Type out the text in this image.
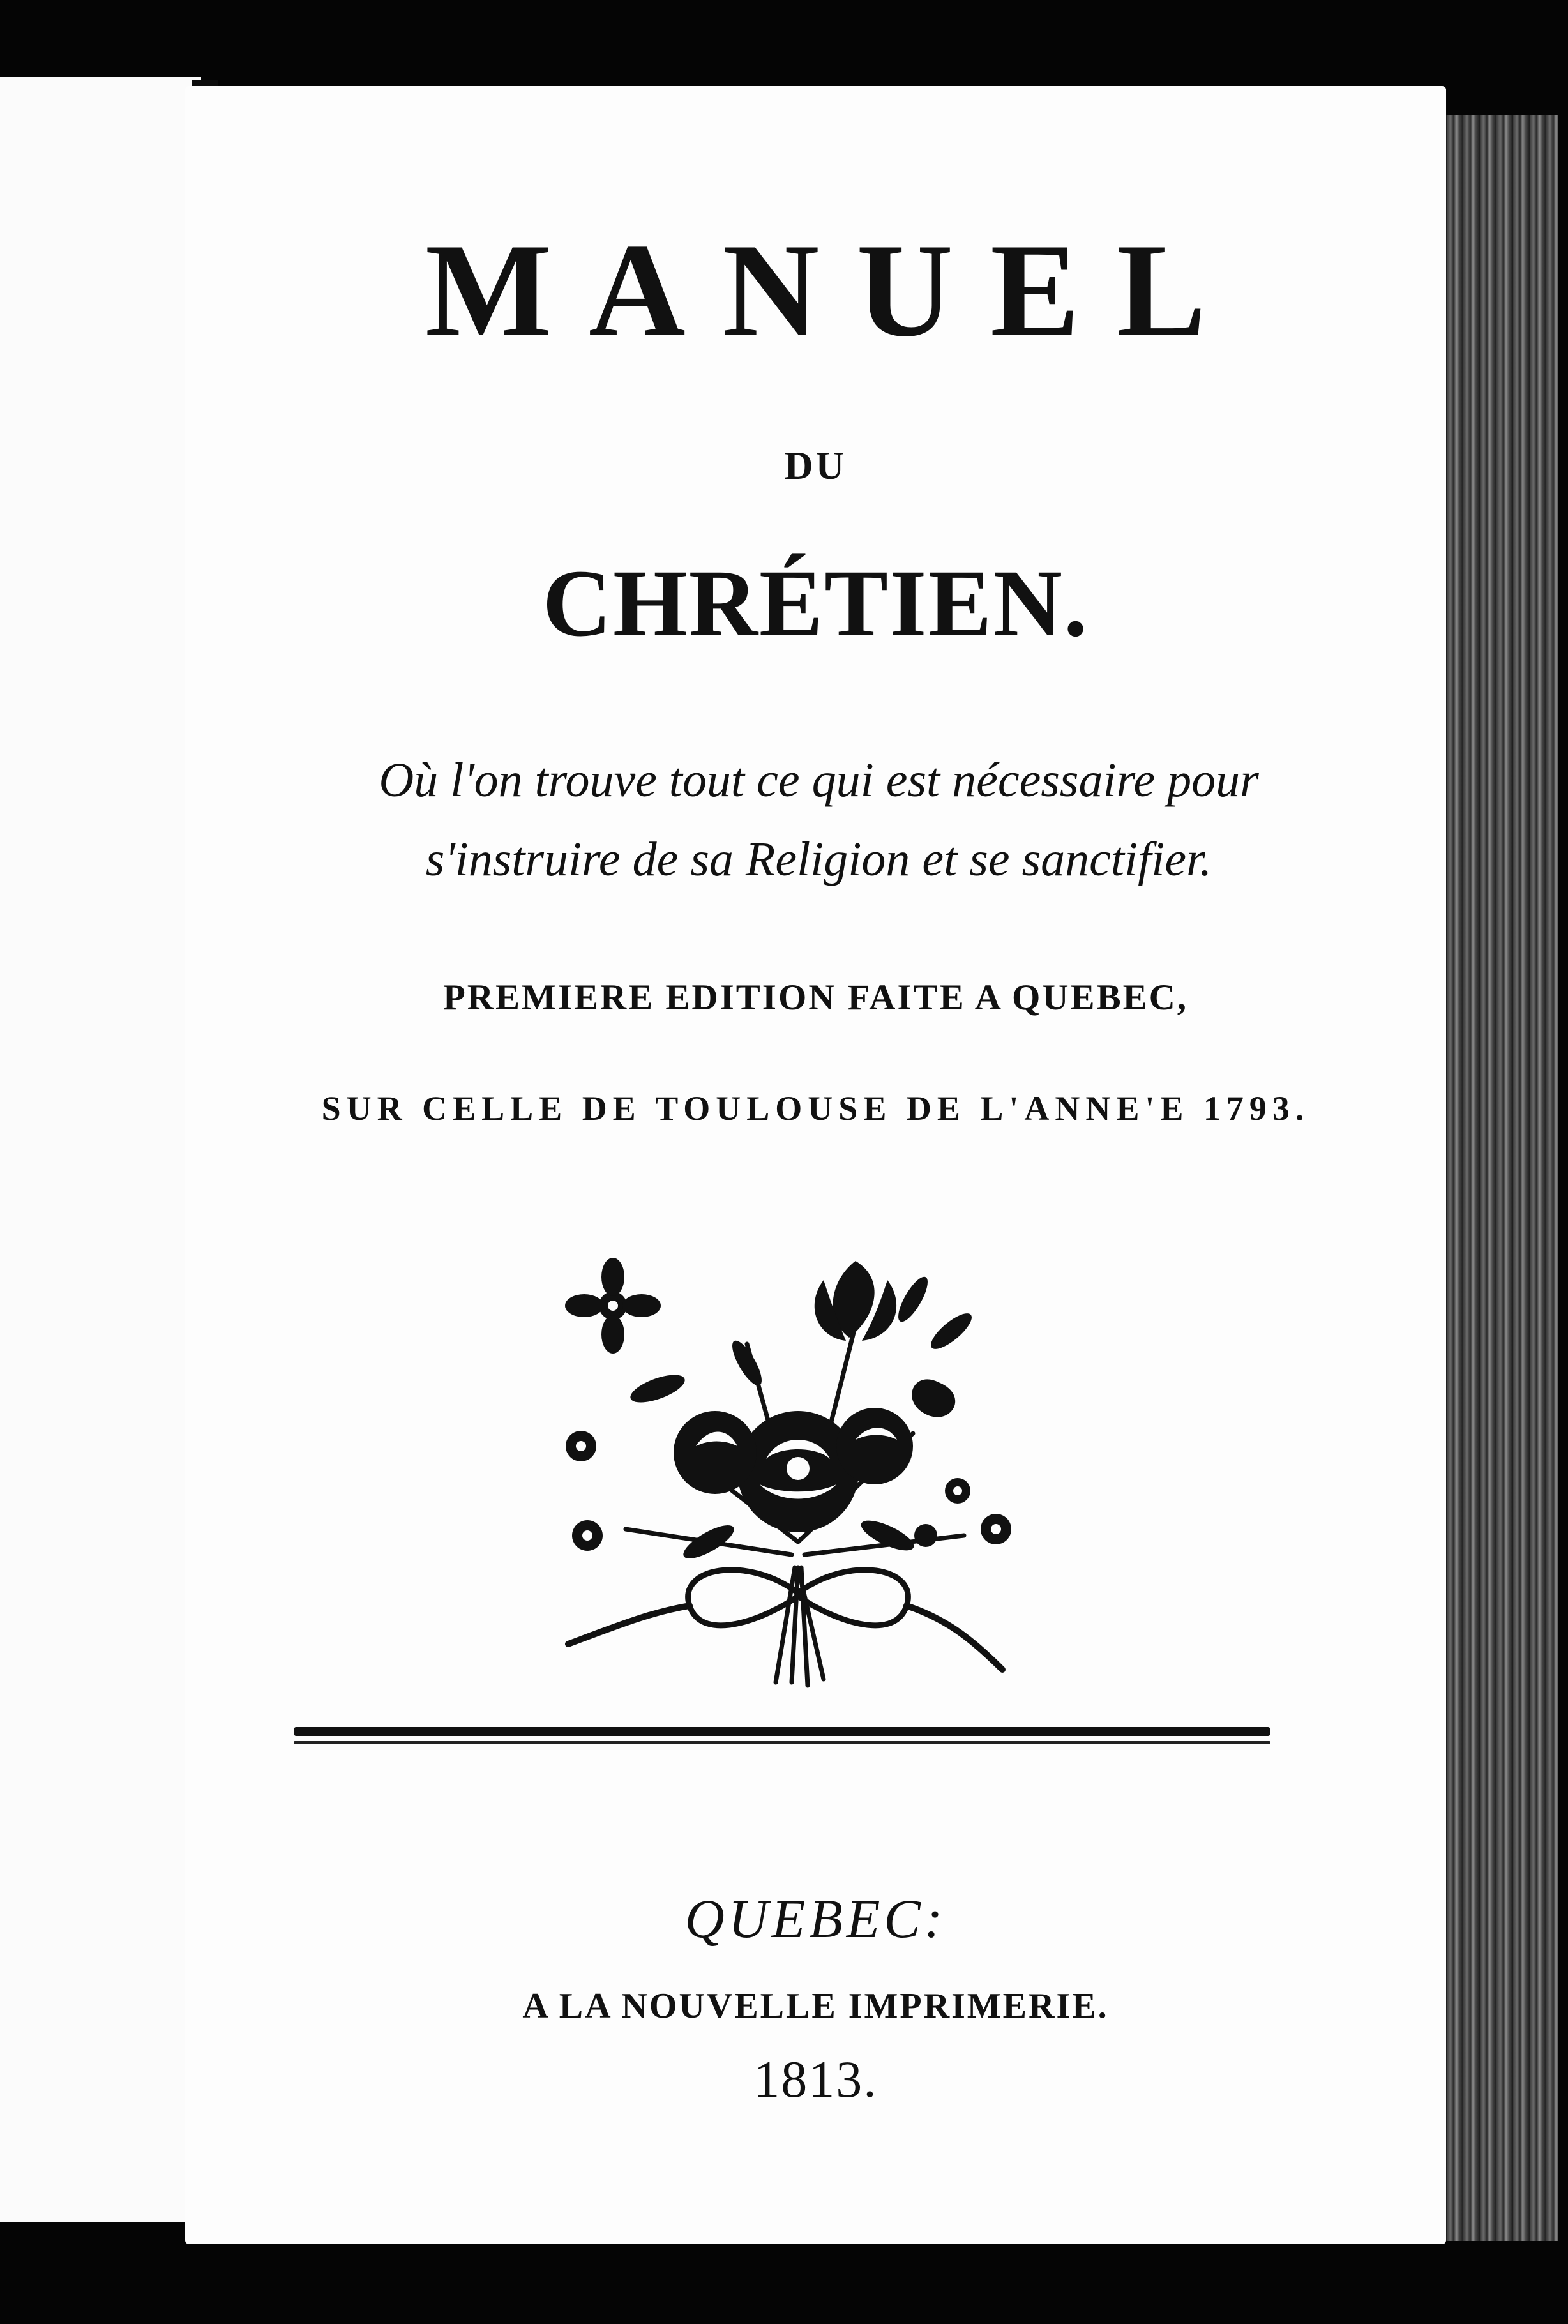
MANUEL
DU
CHRÉTIEN.
Où l'on trouve tout ce qui est nécessaire pour
s'instruire de sa Religion et se sanctifier.
PREMIERE EDITION FAITE A QUEBEC,
SUR CELLE DE TOULOUSE DE L'ANNE'E 1793.
QUEBEC:
A LA NOUVELLE IMPRIMERIE.
1813.
